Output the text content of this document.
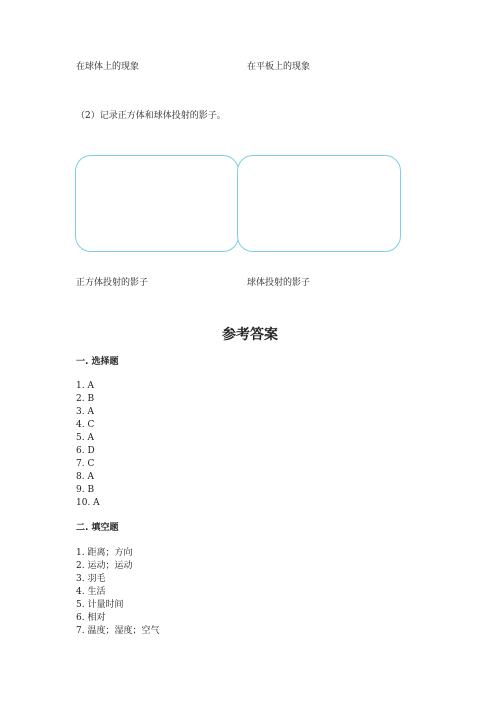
在球体上的现象	在平板上的现象
（2）记录正方体和球体投射的影子。
正方体投射的影子	球体投射的影子
参考答案
一. 选择题
1. A
2. B
3. A
4. C
5. A
6. D
7. C
8. A
9. B
10. A
二. 填空题
1. 距离；方向
2. 运动；运动
3. 羽毛
4. 生活
5. 计量时间
6. 相对
7. 温度；湿度；空气
